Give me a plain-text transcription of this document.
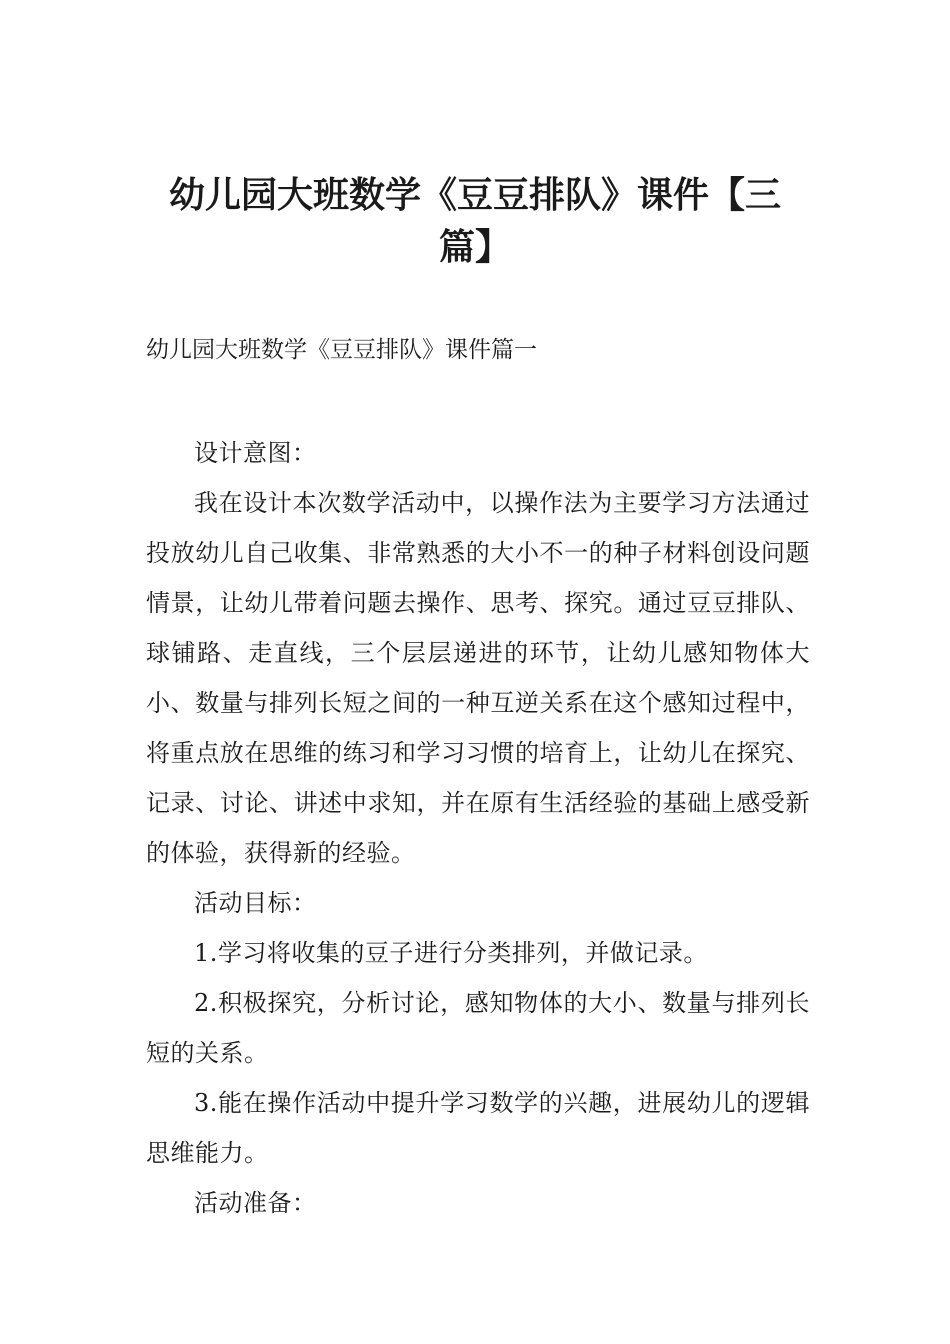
幼儿园大班数学《豆豆排队》课件【三篇】
幼儿园大班数学《豆豆排队》课件篇一

设计意图：

我在设计本次数学活动中，以操作法为主要学习方法通过投放幼儿自己收集、非常熟悉的大小不一的种子材料创设问题情景，让幼儿带着问题去操作、思考、探究。通过豆豆排队、球铺路、走直线，三个层层递进的环节，让幼儿感知物体大小、数量与排列长短之间的一种互逆关系在这个感知过程中，将重点放在思维的练习和学习习惯的培育上，让幼儿在探究、记录、讨论、讲述中求知，并在原有生活经验的基础上感受新的体验，获得新的经验。

活动目标：

1.学习将收集的豆子进行分类排列，并做记录。

2.积极探究，分析讨论，感知物体的大小、数量与排列长短的关系。

3.能在操作活动中提升学习数学的兴趣，进展幼儿的逻辑思维能力。

活动准备：
